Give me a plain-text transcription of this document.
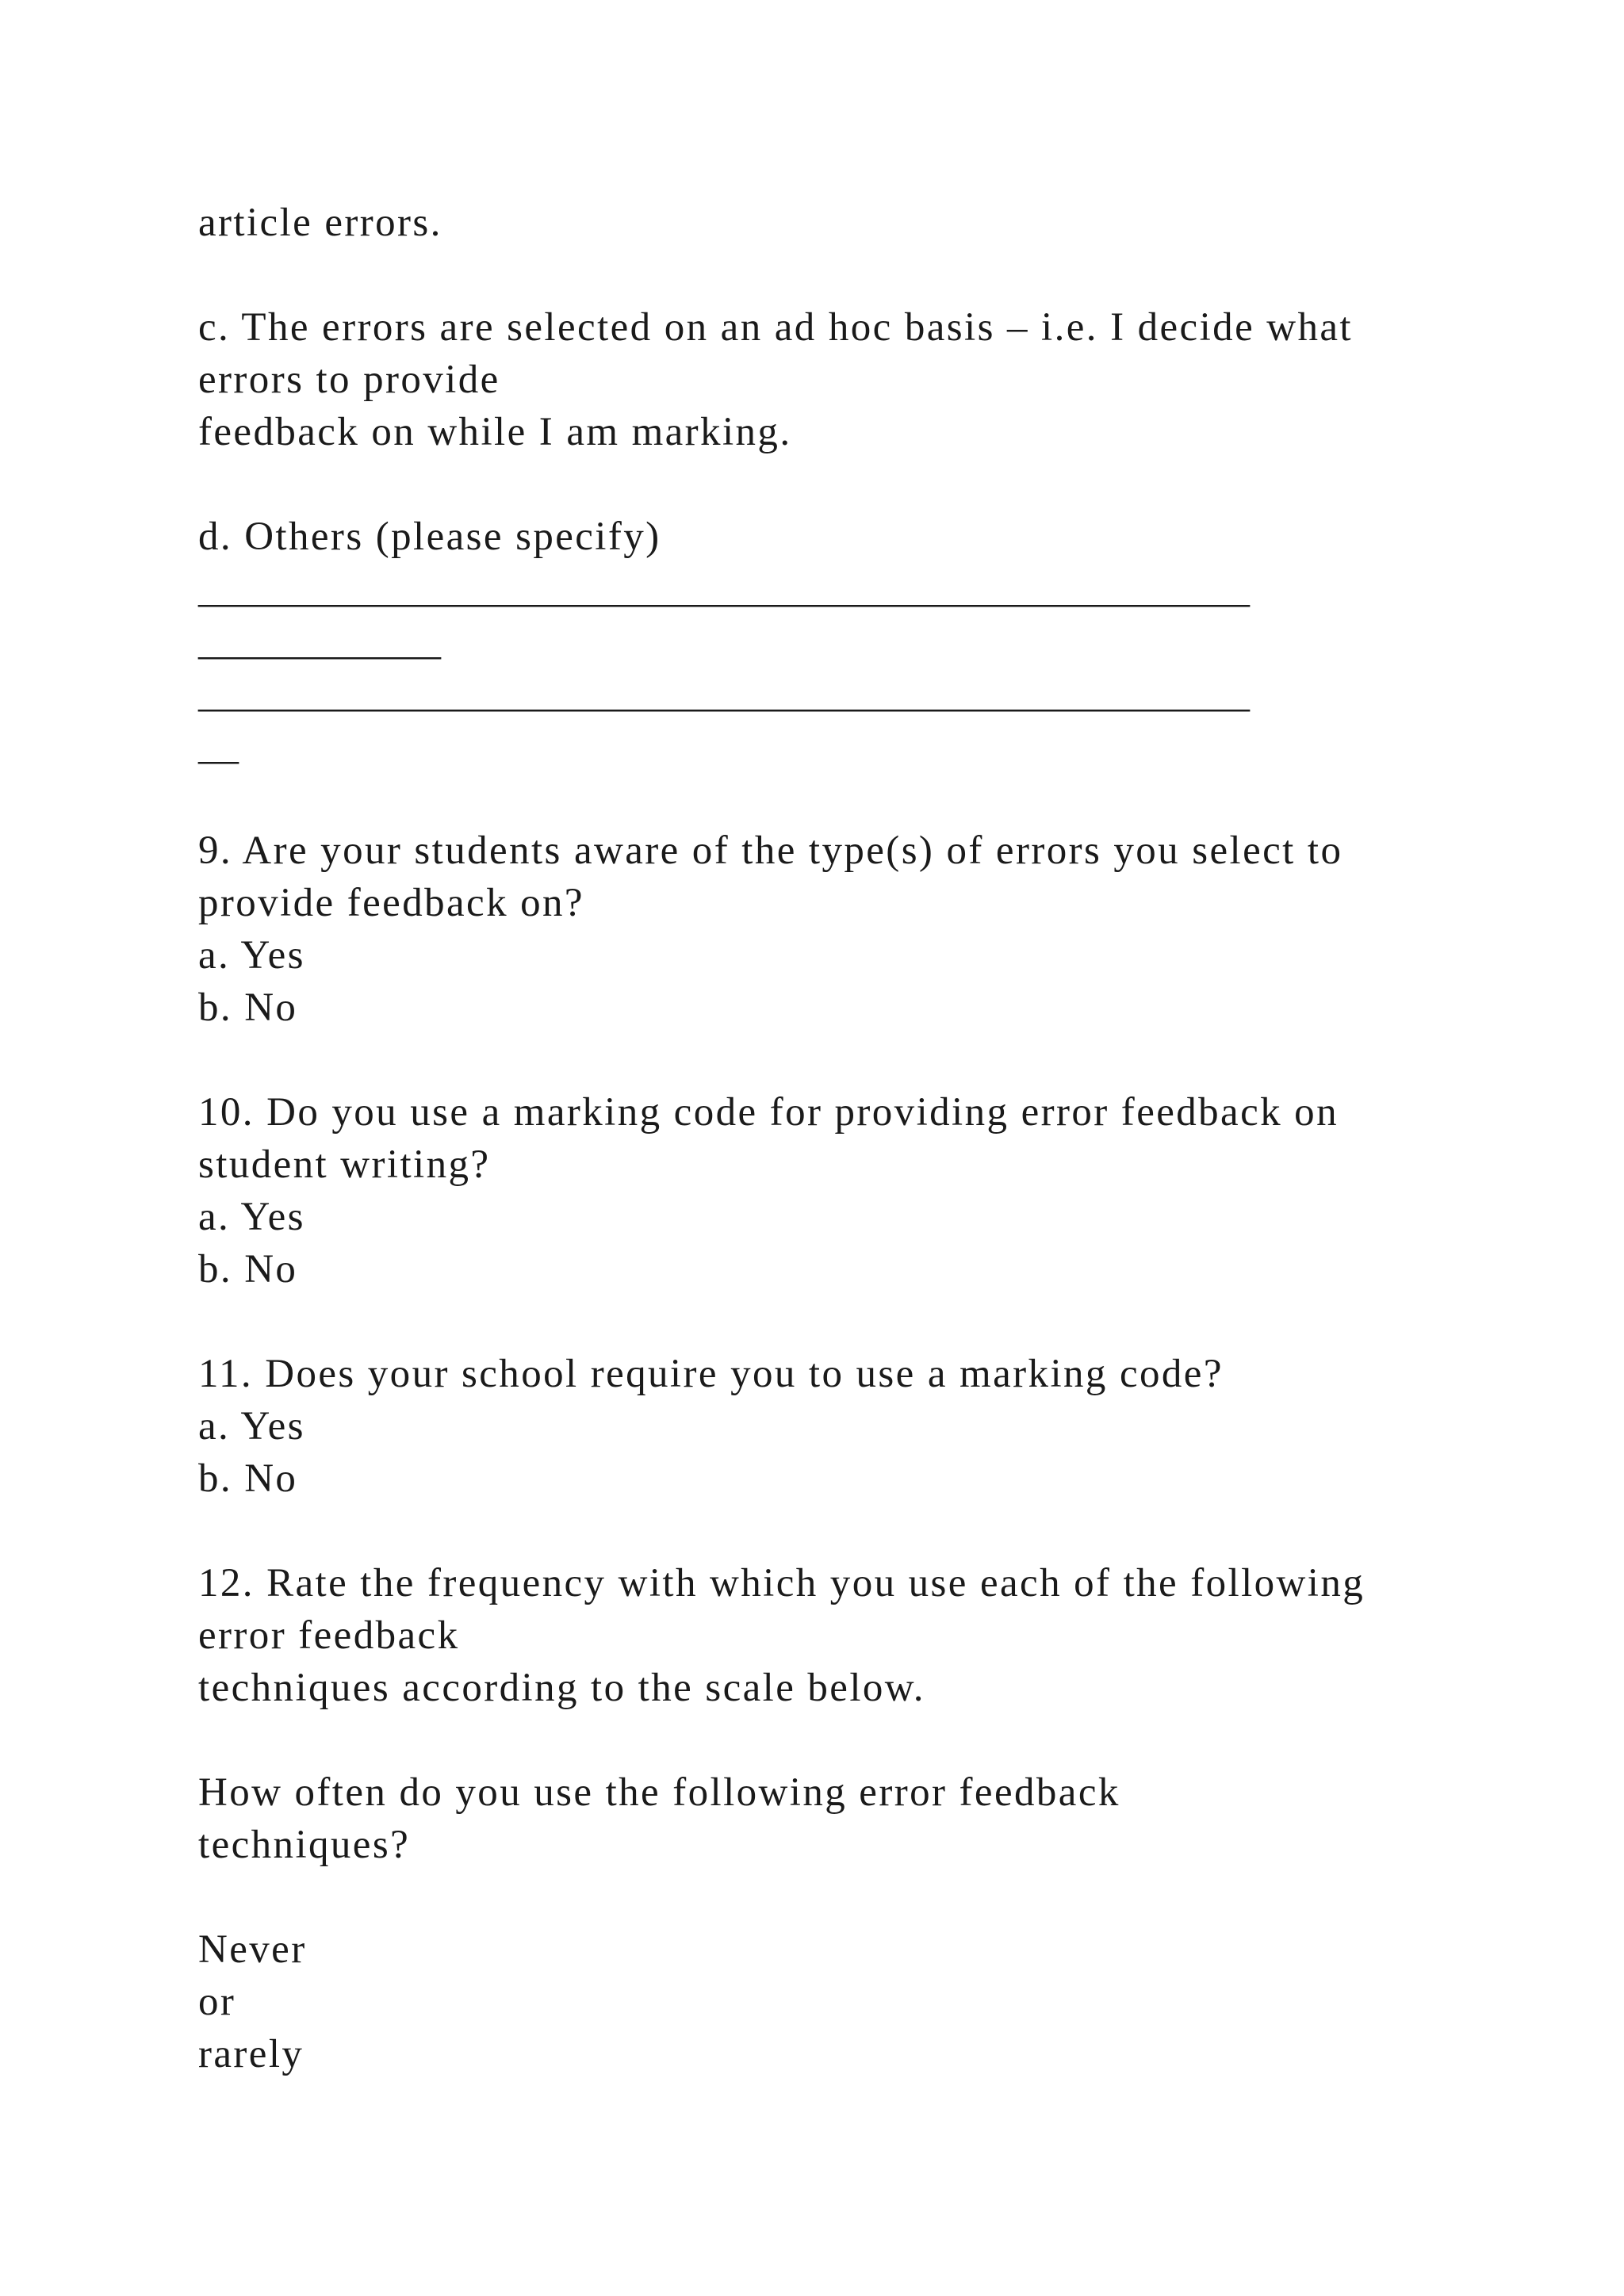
article errors.
c. The errors are selected on an ad hoc basis – i.e. I decide what
errors to provide
feedback on while I am marking.
d. Others (please specify)
____________________________________________________
____________
____________________________________________________
__
9. Are your students aware of the type(s) of errors you select to
provide feedback on?
a. Yes
b. No
10. Do you use a marking code for providing error feedback on
student writing?
a. Yes
b. No
11. Does your school require you to use a marking code?
a. Yes
b. No
12. Rate the frequency with which you use each of the following
error feedback
techniques according to the scale below.
How often do you use the following error feedback
techniques?
Never
or
rarely
